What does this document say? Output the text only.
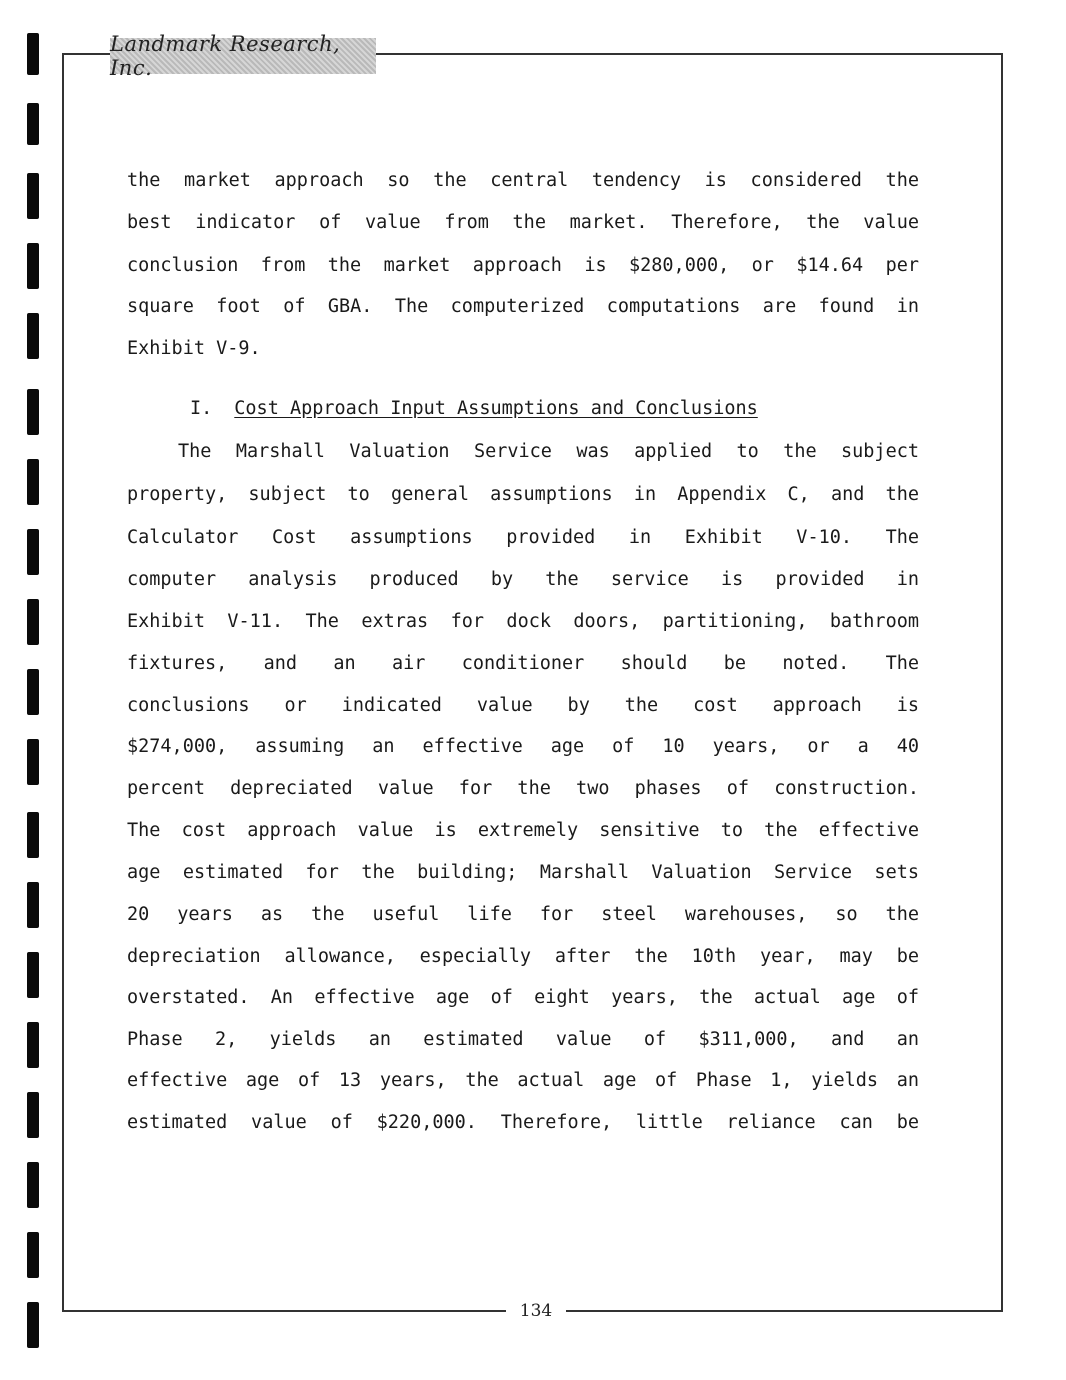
Landmark Research, Inc.
the market approach so the central tendency is considered the
best indicator of value from the market. Therefore, the value
conclusion from the market approach is $280,000, or $14.64 per
square foot of GBA. The computerized computations are found in
Exhibit V-9.
I. Cost Approach Input Assumptions and Conclusions
The Marshall Valuation Service was applied to the subject
property, subject to general assumptions in Appendix C, and the
Calculator Cost assumptions provided in Exhibit V-10. The
computer analysis produced by the service is provided in
Exhibit V-11. The extras for dock doors, partitioning, bathroom
fixtures, and an air conditioner should be noted. The
conclusions or indicated value by the cost approach is
$274,000, assuming an effective age of 10 years, or a 40
percent depreciated value for the two phases of construction.
The cost approach value is extremely sensitive to the effective
age estimated for the building; Marshall Valuation Service sets
20 years as the useful life for steel warehouses, so the
depreciation allowance, especially after the 10th year, may be
overstated. An effective age of eight years, the actual age of
Phase 2, yields an estimated value of $311,000, and an
effective age of 13 years, the actual age of Phase 1, yields an
estimated value of $220,000. Therefore, little reliance can be
134
